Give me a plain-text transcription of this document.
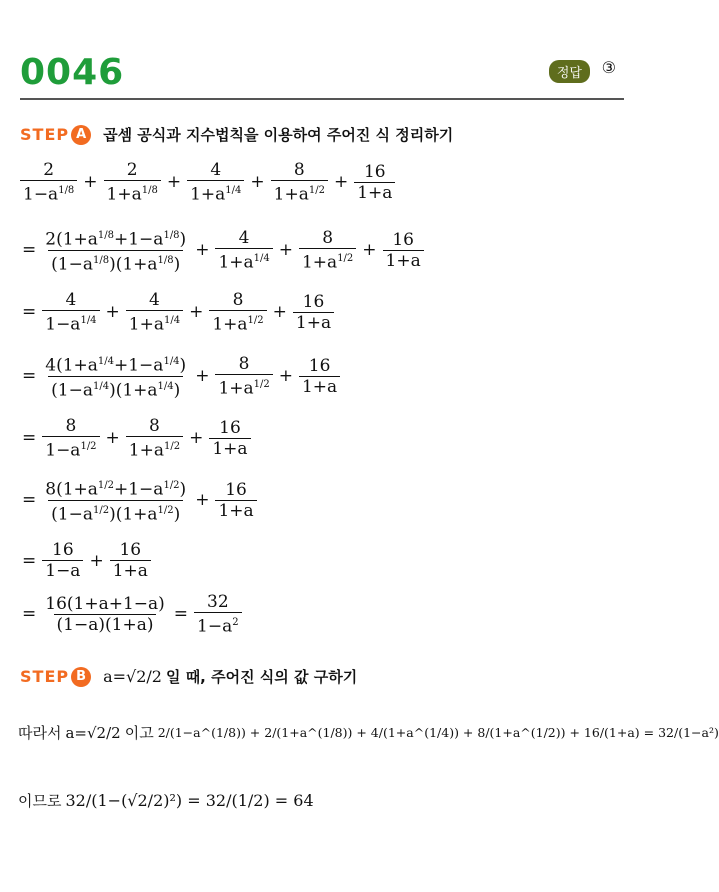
0046	정답	③
STEP A	곱셈 공식과 지수법칙을 이용하여 주어진 식 정리하기
$\frac{2}{1-a^{1/8}} + \frac{2}{1+a^{1/8}} + \frac{4}{1+a^{1/4}} + \frac{8}{1+a^{1/2}} + \frac{16}{1+a}$
= $\frac{2(1+a^{1/8}+1-a^{1/8})}{(1-a^{1/8})(1+a^{1/8})} + \frac{4}{1+a^{1/4}} + \frac{8}{1+a^{1/2}} + \frac{16}{1+a}$
= $\frac{4}{1-a^{1/4}} + \frac{4}{1+a^{1/4}} + \frac{8}{1+a^{1/2}} + \frac{16}{1+a}$
= $\frac{4(1+a^{1/4}+1-a^{1/4})}{(1-a^{1/4})(1+a^{1/4})} + \frac{8}{1+a^{1/2}} + \frac{16}{1+a}$
= $\frac{8}{1-a^{1/2}} + \frac{8}{1+a^{1/2}} + \frac{16}{1+a}$
= $\frac{8(1+a^{1/2}+1-a^{1/2})}{(1-a^{1/2})(1+a^{1/2})} + \frac{16}{1+a}$
= $\frac{16}{1-a} + \frac{16}{1+a}$
= $\frac{16(1+a+1-a)}{(1-a)(1+a)} = \frac{32}{1-a^2}$
STEP B	a=√2/2 일 때, 주어진 식의 값 구하기
따라서 a=√2/2 이고 2/(1−a^(1/8)) + 2/(1+a^(1/8)) + 4/(1+a^(1/4)) + 8/(1+a^(1/2)) + 16/(1+a) = 32/(1−a²)
이므로 32/(1−(√2/2)²) = 32/(1/2) = 64
